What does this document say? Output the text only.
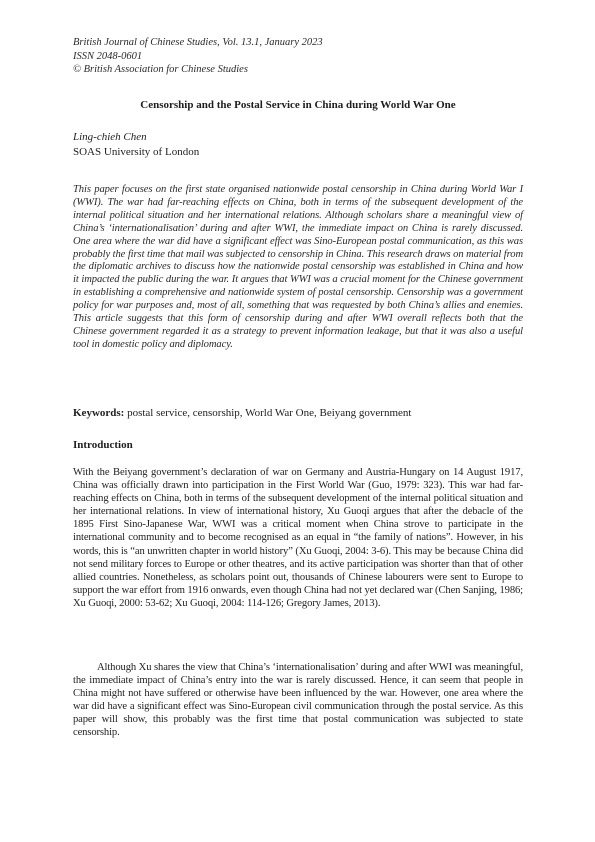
British Journal of Chinese Studies, Vol. 13.1, January 2023
ISSN 2048-0601
© British Association for Chinese Studies
Censorship and the Postal Service in China during World War One
Ling-chieh Chen
SOAS University of London
This paper focuses on the first state organised nationwide postal censorship in China during World War I (WWI). The war had far-reaching effects on China, both in terms of the subsequent development of the internal political situation and her international relations. Although scholars share a meaningful view of China’s ‘internationalisation’ during and after WWI, the immediate impact on China is rarely discussed. One area where the war did have a significant effect was Sino-European postal communication, as this was probably the first time that mail was subjected to censorship in China. This research draws on material from the diplomatic archives to discuss how the nationwide postal censorship was established in China and how it impacted the public during the war. It argues that WWI was a crucial moment for the Chinese government in establishing a comprehensive and nationwide system of postal censorship. Censorship was a government policy for war purposes and, most of all, something that was requested by both China’s allies and enemies. This article suggests that this form of censorship during and after WWI overall reflects both that the Chinese government regarded it as a strategy to prevent information leakage, but that it was also a useful tool in domestic policy and diplomacy.
Keywords: postal service, censorship, World War One, Beiyang government
Introduction
With the Beiyang government’s declaration of war on Germany and Austria-Hungary on 14 August 1917, China was officially drawn into participation in the First World War (Guo, 1979: 323). This war had far-reaching effects on China, both in terms of the subsequent development of the internal political situation and her international relations. In view of international history, Xu Guoqi argues that after the debacle of the 1895 First Sino-Japanese War, WWI was a critical moment when China strove to participate in the international community and to become recognised as an equal in “the family of nations”. However, in his words, this is “an unwritten chapter in world history” (Xu Guoqi, 2004: 3-6). This may be because China did not send military forces to Europe or other theatres, and its active participation was shorter than that of other allied countries. Nonetheless, as scholars point out, thousands of Chinese labourers were sent to Europe to support the war effort from 1916 onwards, even though China had not yet declared war (Chen Sanjing, 1986; Xu Guoqi, 2000: 53-62; Xu Guoqi, 2004: 114-126; Gregory James, 2013).
Although Xu shares the view that China’s ‘internationalisation’ during and after WWI was meaningful, the immediate impact of China’s entry into the war is rarely discussed. Hence, it can seem that people in China might not have suffered or otherwise have been influenced by the war. However, one area where the war did have a significant effect was Sino-European civil communication through the postal service. As this paper will show, this probably was the first time that postal communication was subjected to state censorship.
